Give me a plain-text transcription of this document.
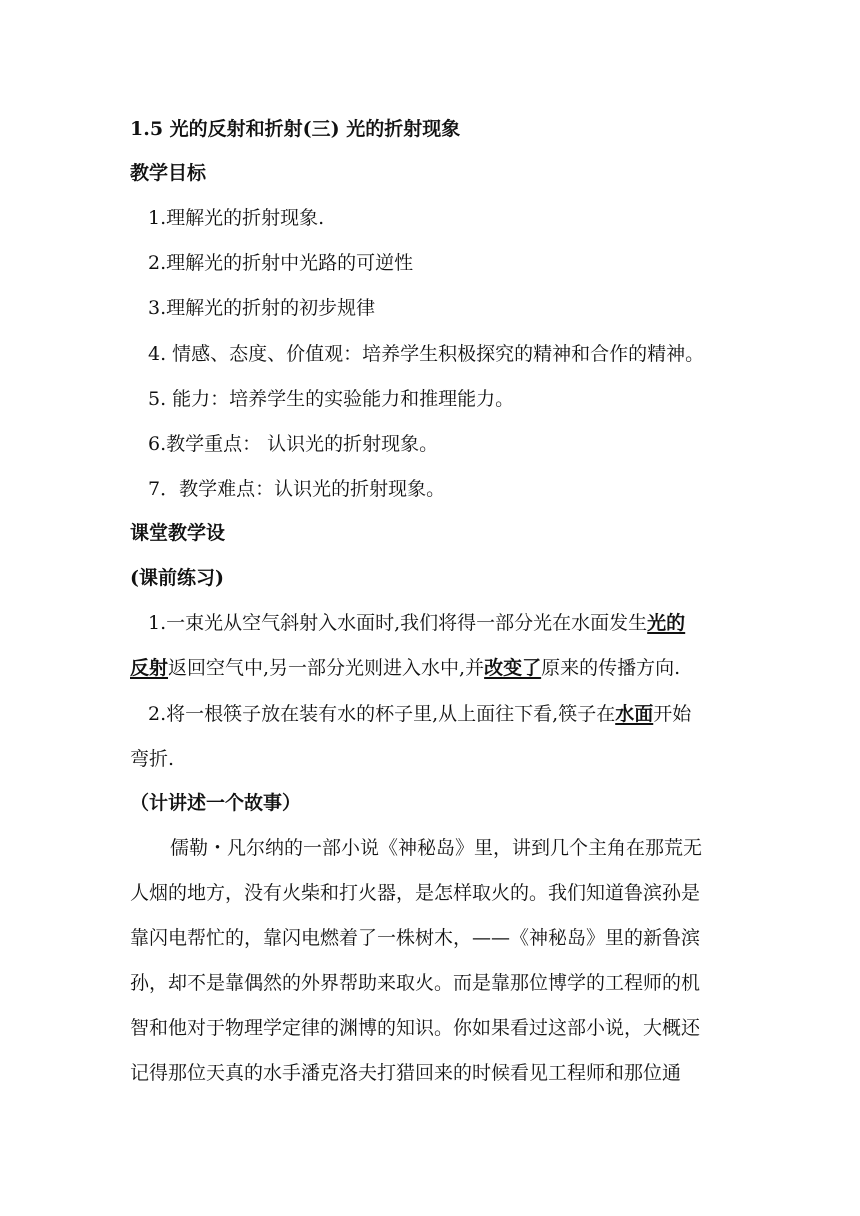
1.5 光的反射和折射(三) 光的折射现象
教学目标
1.理解光的折射现象.
2.理解光的折射中光路的可逆性
3.理解光的折射的初步规律
4. 情感、态度、价值观：培养学生积极探究的精神和合作的精神。
5. 能力：培养学生的实验能力和推理能力。
6.教学重点： 认识光的折射现象。
7．教学难点：认识光的折射现象。
课堂教学设
(课前练习)
1.一束光从空气斜射入水面时,我们将得一部分光在水面发生光的
反射返回空气中,另一部分光则进入水中,并改变了原来的传播方向.
2.将一根筷子放在装有水的杯子里,从上面往下看,筷子在水面开始
弯折.
（计讲述一个故事）
儒勒・凡尔纳的一部小说《神秘岛》里，讲到几个主角在那荒无
人烟的地方，没有火柴和打火器，是怎样取火的。我们知道鲁滨孙是
靠闪电帮忙的，靠闪电燃着了一株树木，——《神秘岛》里的新鲁滨
孙，却不是靠偶然的外界帮助来取火。而是靠那位博学的工程师的机
智和他对于物理学定律的渊博的知识。你如果看过这部小说，大概还
记得那位天真的水手潘克洛夫打猎回来的时候看见工程师和那位通
